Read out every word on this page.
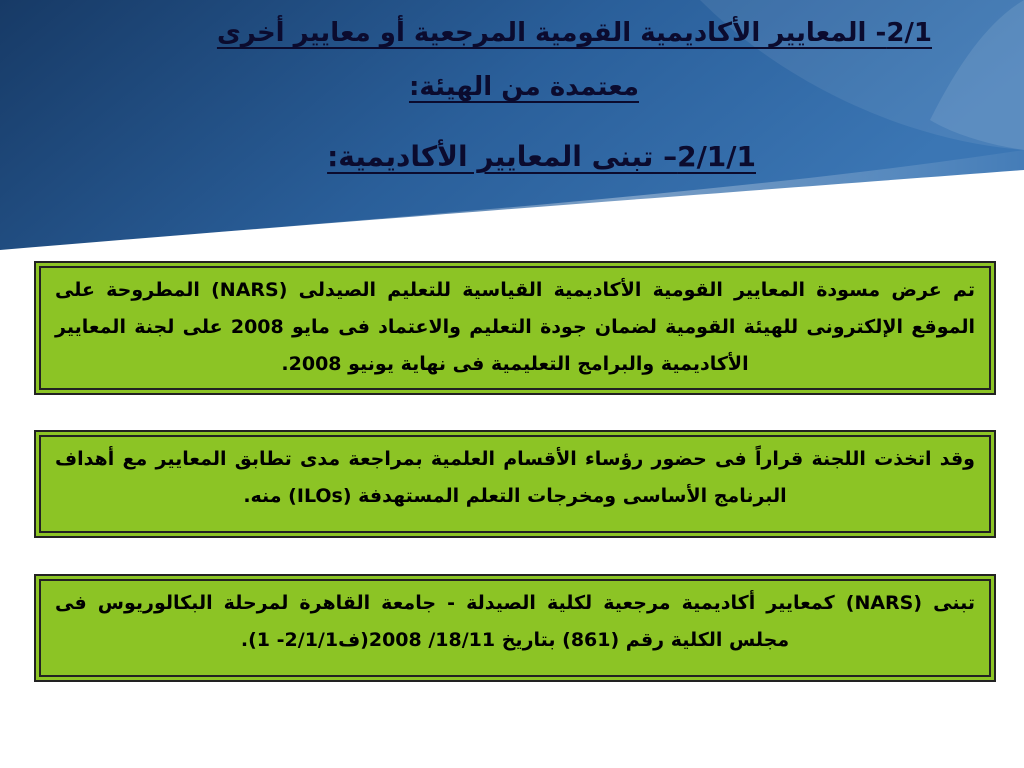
2/1- المعايير الأكاديمية القومية المرجعية أو معايير أخرى
معتمدة من الهيئة:
2/1/1– تبنى المعايير الأكاديمية:

تم عرض مسودة المعايير القومية الأكاديمية القياسية للتعليم الصيدلى (NARS) المطروحة على الموقع الإلكترونى للهيئة القومية لضمان جودة التعليم والاعتماد فى مايو 2008 على لجنة المعايير الأكاديمية والبرامج التعليمية فى نهاية يونيو 2008.

وقد اتخذت اللجنة قراراً فى حضور رؤساء الأقسام العلمية بمراجعة مدى تطابق المعايير مع أهداف البرنامج الأساسى ومخرجات التعلم المستهدفة (ILOs) منه.

تبنى (NARS) كمعايير أكاديمية مرجعية لكلية الصيدلة - جامعة القاهرة لمرحلة البكالوريوس فى مجلس الكلية رقم (861) بتاريخ 18/11/ 2008(ف2/1/1- 1).
